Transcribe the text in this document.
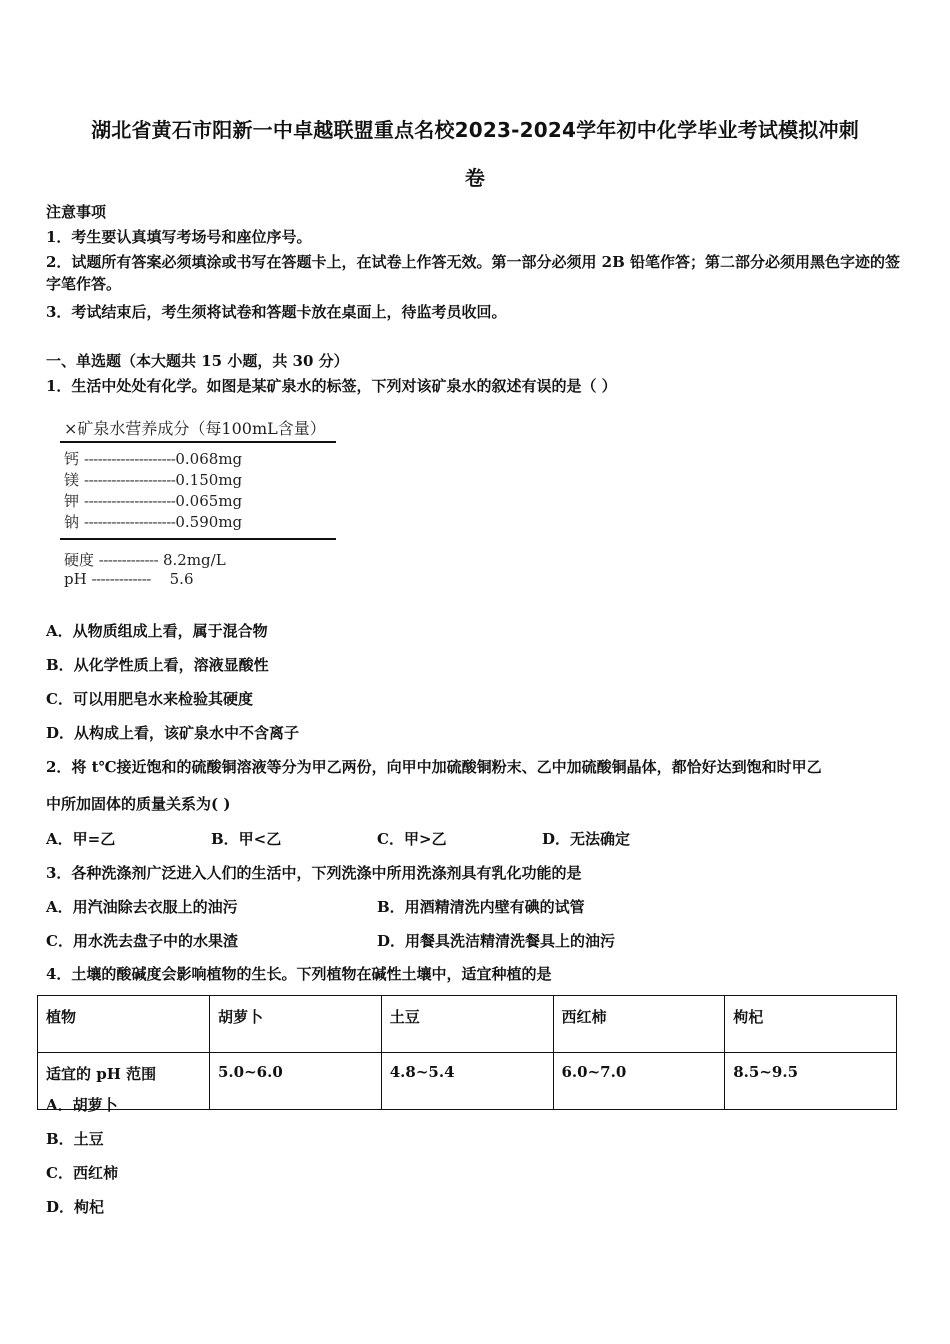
湖北省黄石市阳新一中卓越联盟重点名校2023-2024学年初中化学毕业考试模拟冲刺
卷
注意事项
1．考生要认真填写考场号和座位序号。
2．试题所有答案必须填涂或书写在答题卡上，在试卷上作答无效。第一部分必须用 2B 铅笔作答；第二部分必须用黑色字迹的签字笔作答。
3．考试结束后，考生须将试卷和答题卡放在桌面上，待监考员收回。
一、单选题（本大题共 15 小题，共 30 分）
1．生活中处处有化学。如图是某矿泉水的标签，下列对该矿泉水的叙述有误的是（ ）
×矿泉水营养成分（每100mL含量）
钙 --------------------0.068mg
镁 --------------------0.150mg
钾 --------------------0.065mg
钠 --------------------0.590mg
硬度 ------------- 8.2mg/L
pH ------------- 5.6
A．从物质组成上看，属于混合物
B．从化学性质上看，溶液显酸性
C．可以用肥皂水来检验其硬度
D．从构成上看，该矿泉水中不含离子
2．将 t℃接近饱和的硫酸铜溶液等分为甲乙两份，向甲中加硫酸铜粉末、乙中加硫酸铜晶体，都恰好达到饱和时甲乙
中所加固体的质量关系为( )
A．甲=乙	B．甲<乙	C．甲>乙	D．无法确定
3．各种洗涤剂广泛进入人们的生活中，下列洗涤中所用洗涤剂具有乳化功能的是
A．用汽油除去衣服上的油污	B．用酒精清洗内壁有碘的试管
C．用水洗去盘子中的水果渣	D．用餐具洗洁精清洗餐具上的油污
4．土壤的酸碱度会影响植物的生长。下列植物在碱性土壤中，适宜种植的是
植物	胡萝卜	土豆	西红柿	枸杞
适宜的 pH 范围	5.0~6.0	4.8~5.4	6.0~7.0	8.5~9.5
A．胡萝卜
B．土豆
C．西红柿
D．枸杞
